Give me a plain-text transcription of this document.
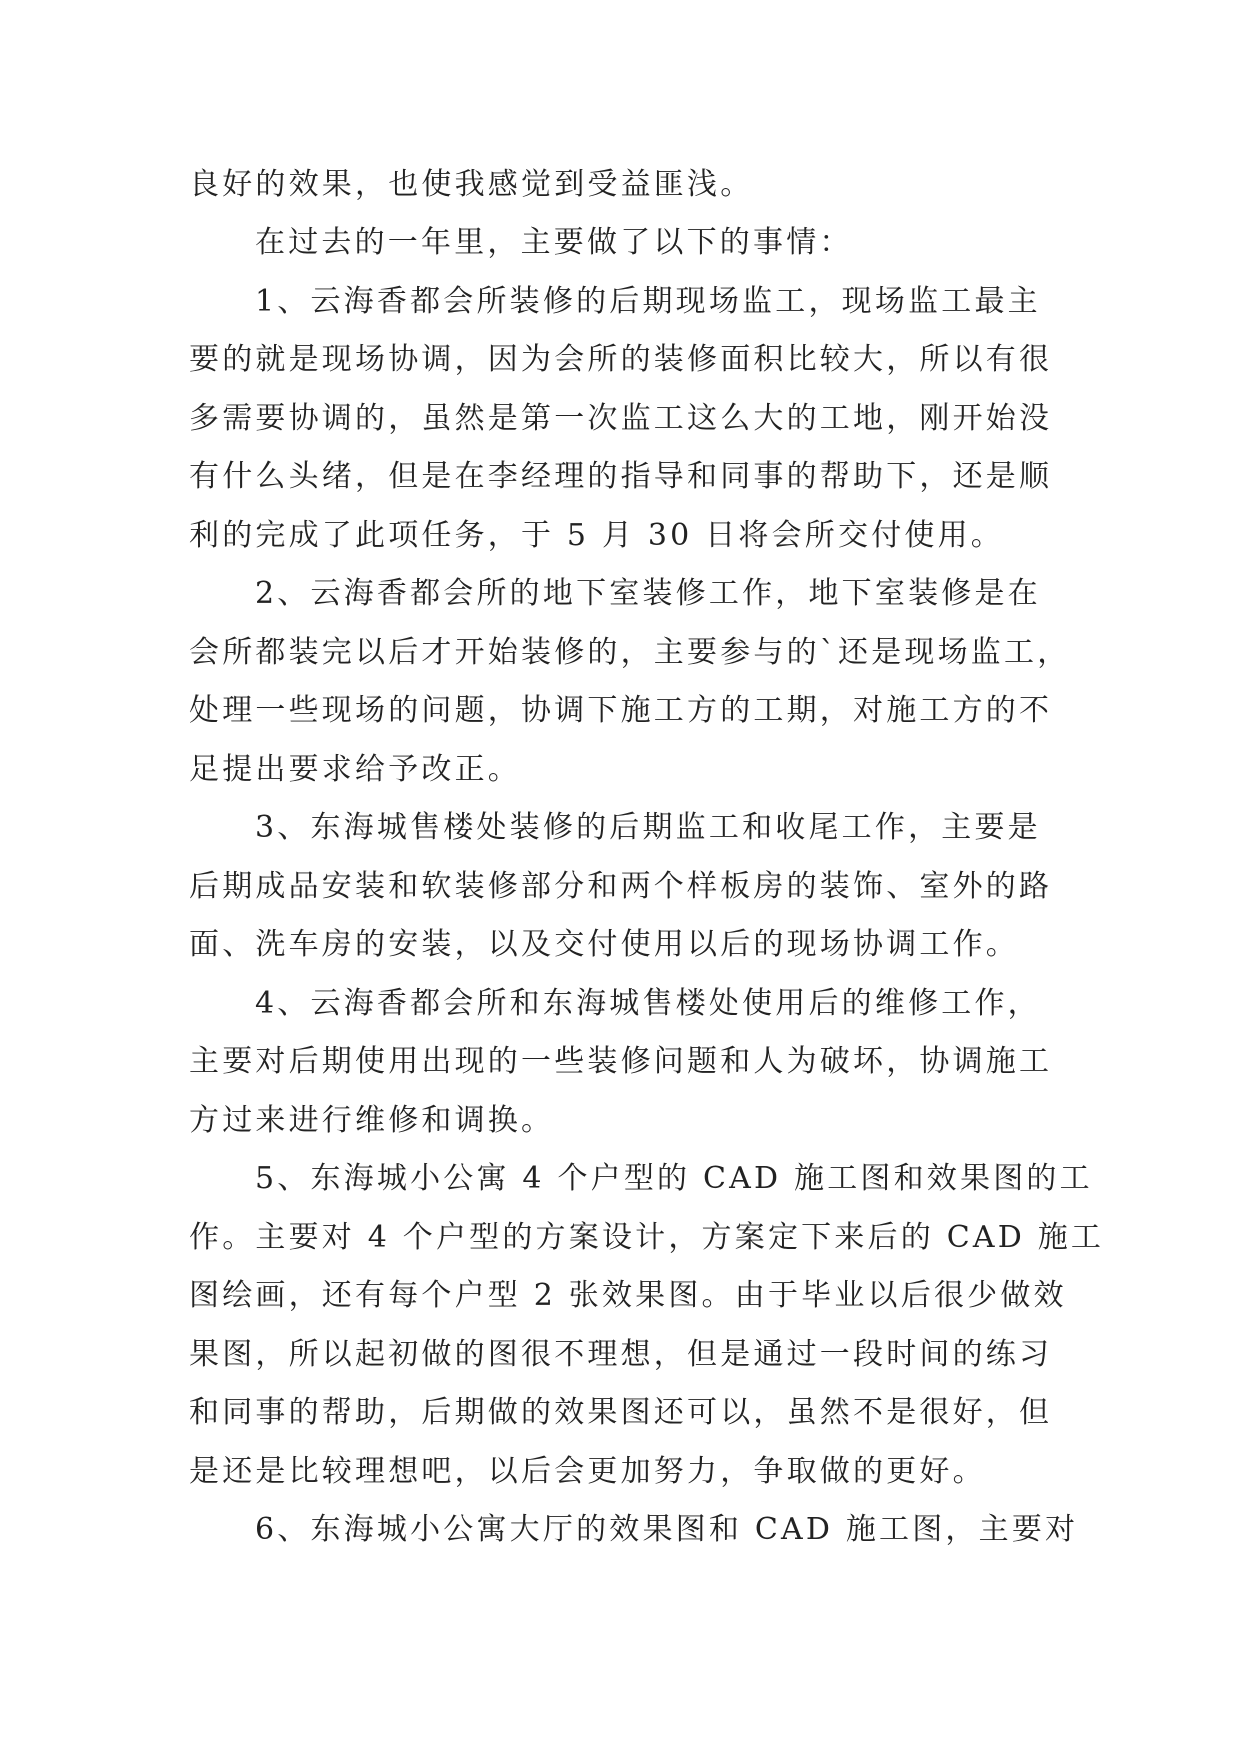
良好的效果，也使我感觉到受益匪浅。
在过去的一年里，主要做了以下的事情：
1、云海香都会所装修的后期现场监工，现场监工最主
要的就是现场协调，因为会所的装修面积比较大，所以有很
多需要协调的，虽然是第一次监工这么大的工地，刚开始没
有什么头绪，但是在李经理的指导和同事的帮助下，还是顺
利的完成了此项任务，于 5 月 30 日将会所交付使用。
2、云海香都会所的地下室装修工作，地下室装修是在
会所都装完以后才开始装修的，主要参与的`还是现场监工，
处理一些现场的问题，协调下施工方的工期，对施工方的不
足提出要求给予改正。
3、东海城售楼处装修的后期监工和收尾工作，主要是
后期成品安装和软装修部分和两个样板房的装饰、室外的路
面、洗车房的安装，以及交付使用以后的现场协调工作。
4、云海香都会所和东海城售楼处使用后的维修工作，
主要对后期使用出现的一些装修问题和人为破坏，协调施工
方过来进行维修和调换。
5、东海城小公寓 4 个户型的 CAD 施工图和效果图的工
作。主要对 4 个户型的方案设计，方案定下来后的 CAD 施工
图绘画，还有每个户型 2 张效果图。由于毕业以后很少做效
果图，所以起初做的图很不理想，但是通过一段时间的练习
和同事的帮助，后期做的效果图还可以，虽然不是很好，但
是还是比较理想吧，以后会更加努力，争取做的更好。
6、东海城小公寓大厅的效果图和 CAD 施工图，主要对
